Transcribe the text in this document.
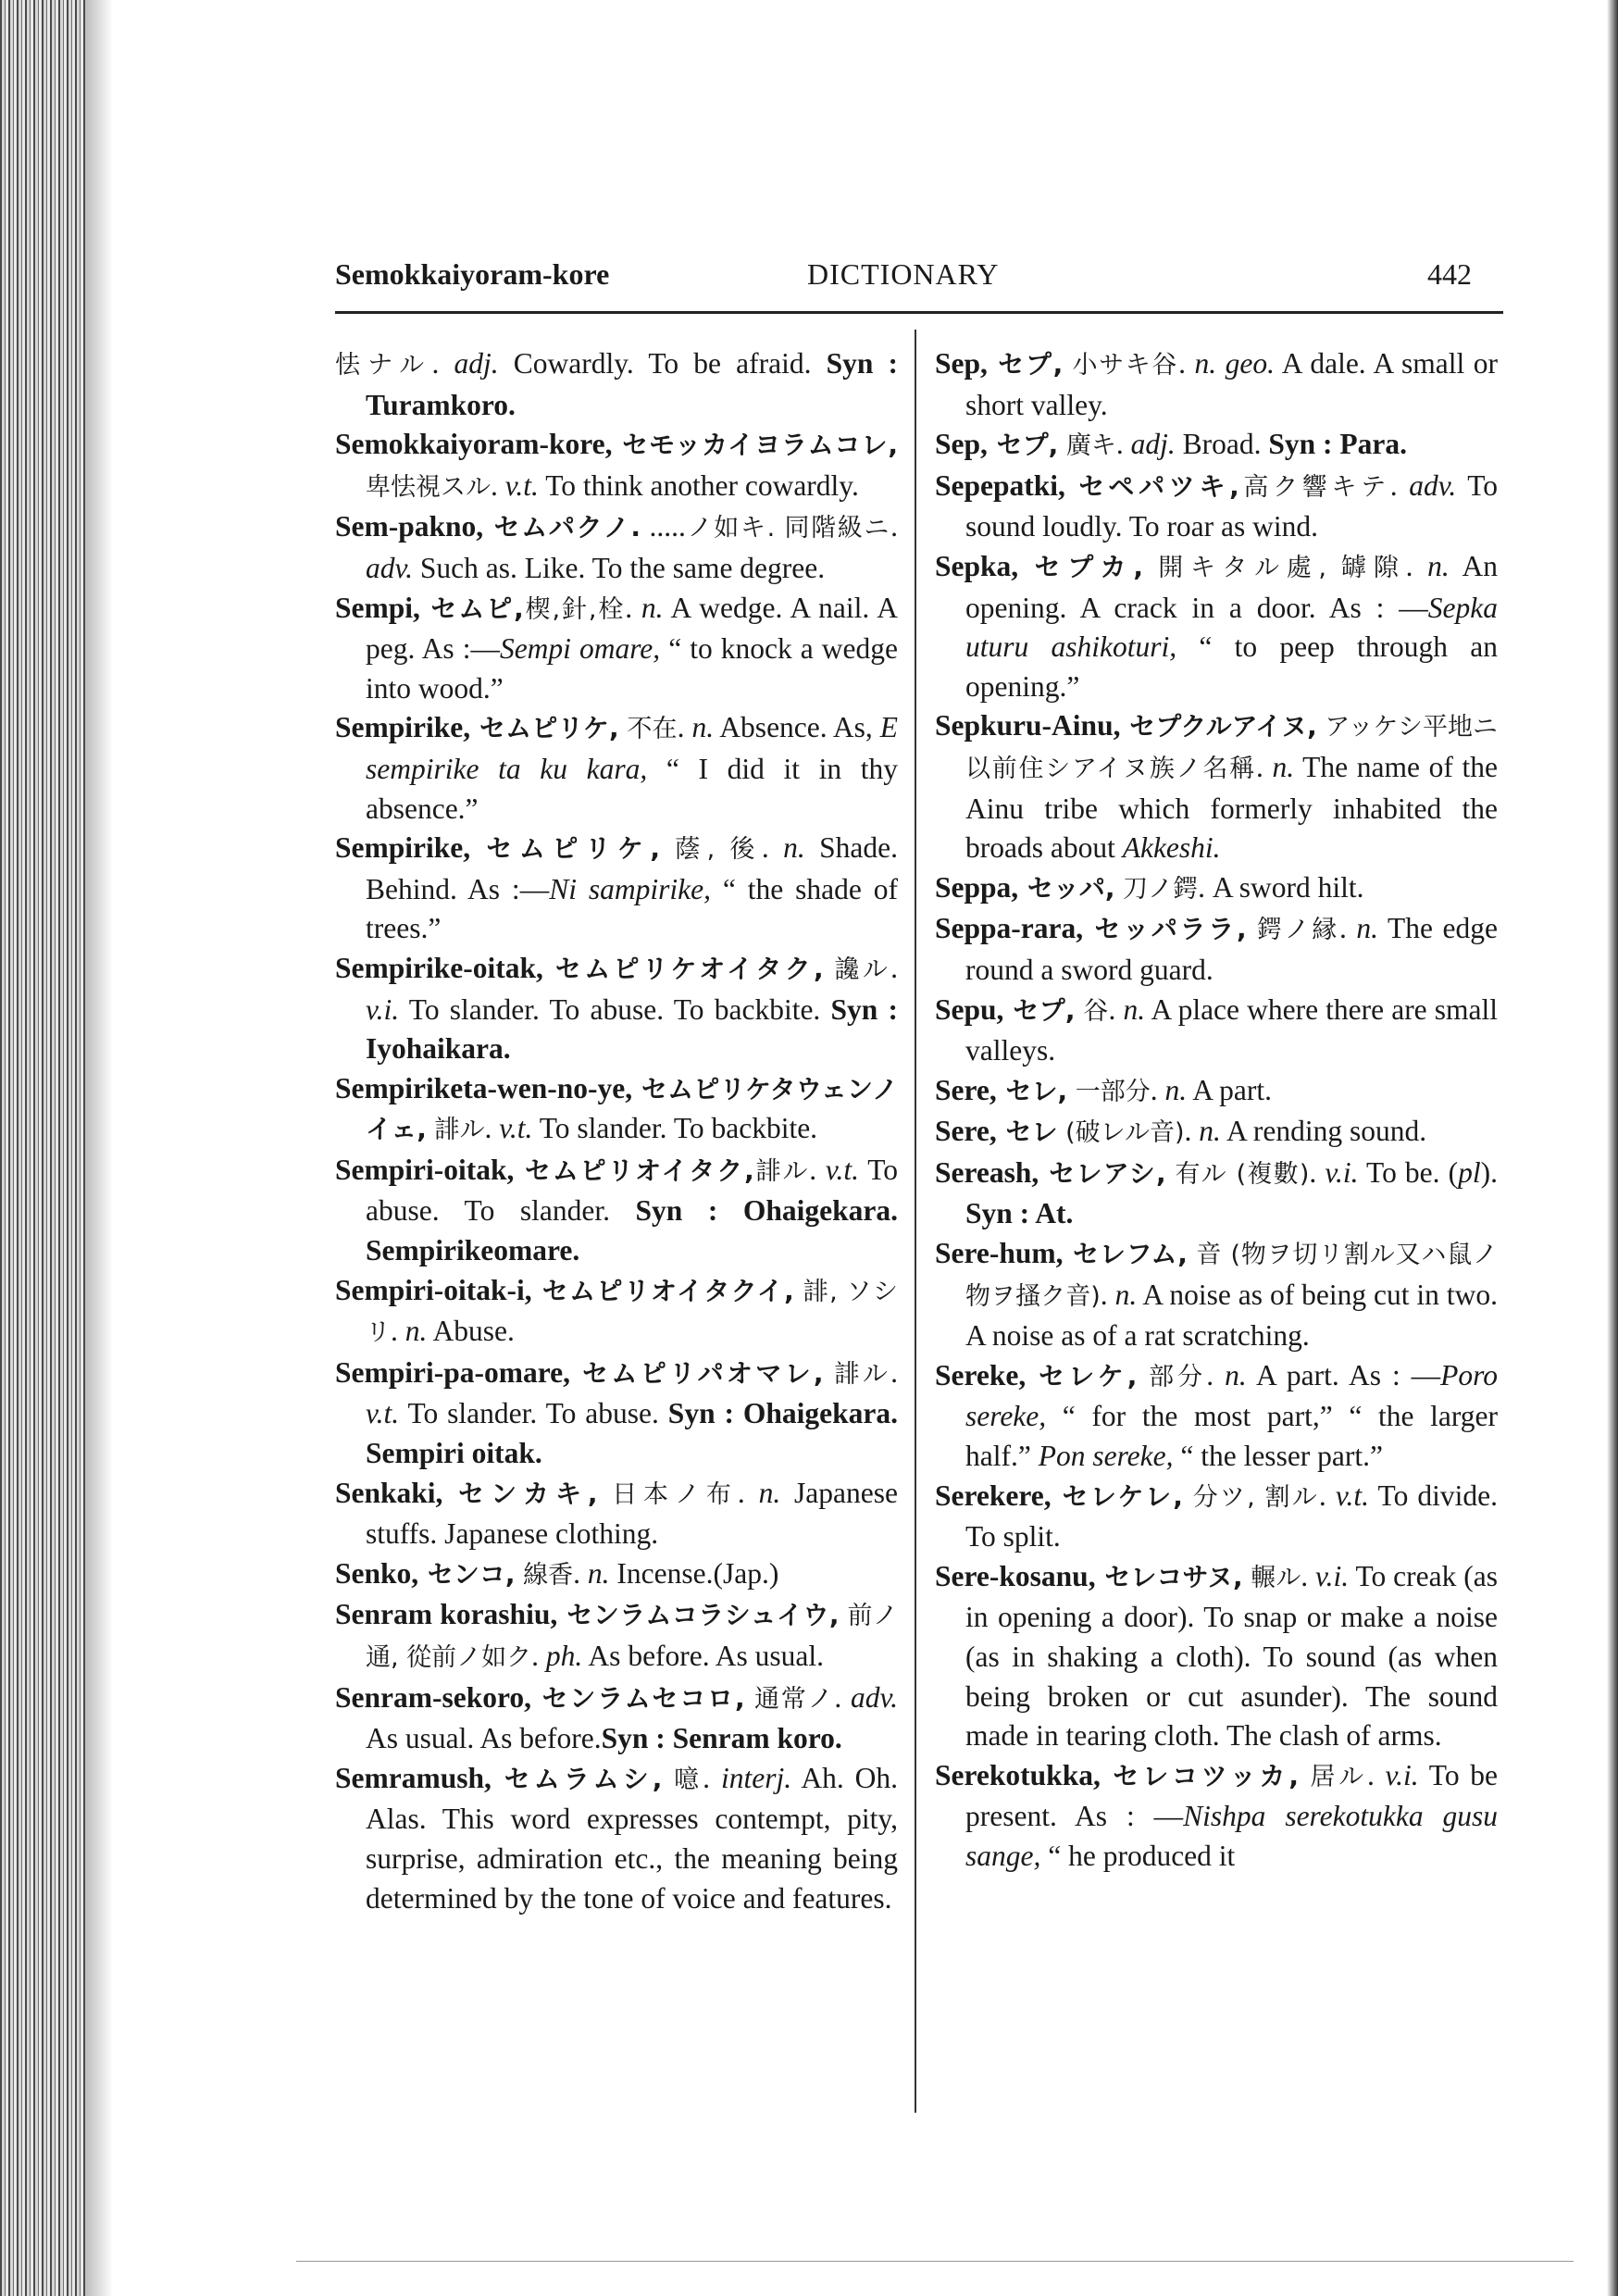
Semokkaiyoram-kore	DICTIONARY	442

怯ナル. adj. Cowardly. To be afraid. Syn : Turamkoro.

Semokkaiyoram-kore, セモッカイヨラムコレ, 卑怯視スル. v.t. To think another cowardly.

Sem-pakno, セムパクノ. .....ノ如キ. 同階級ニ. adv. Such as. Like. To the same degree.

Sempi, セムピ,楔,針,栓. n. A wedge. A nail. A peg. As :—Sempi omare, “ to knock a wedge into wood.”

Sempirike, セムピリケ, 不在. n. Absence. As, E sempirike ta ku kara, “ I did it in thy absence.”

Sempirike, セムピリケ, 蔭, 後. n. Shade. Behind. As :—Ni sampirike, “ the shade of trees.”

Sempirike-oitak, セムピリケオイタク, 讒ル. v.i. To slander. To abuse. To backbite. Syn : Iyohaikara.

Sempiriketa-wen-no-ye, セムピリケタウェンノイェ, 誹ル. v.t. To slander. To backbite.

Sempiri-oitak, セムピリオイタク,誹ル. v.t. To abuse. To slander. Syn : Ohaigekara. Sempirikeomare.

Sempiri-oitak-i, セムピリオイタクイ, 誹, ソシリ. n. Abuse.

Sempiri-pa-omare, セムピリパオマレ, 誹ル. v.t. To slander. To abuse. Syn : Ohaigekara. Sempiri oitak.

Senkaki, センカキ, 日本ノ布. n. Japanese stuffs. Japanese clothing.

Senko, センコ, 線香. n. Incense.(Jap.)

Senram korashiu, センラムコラシュイウ, 前ノ通, 從前ノ如ク. ph. As before. As usual.

Senram-sekoro, センラムセコロ, 通常ノ. adv. As usual. As before.Syn : Senram koro.

Semramush, セムラムシ, 噫. interj. Ah. Oh. Alas. This word expresses contempt, pity, surprise, admiration etc., the meaning being determined by the tone of voice and features.

Sep, セプ, 小サキ谷. n. geo. A dale. A small or short valley.

Sep, セプ, 廣キ. adj. Broad. Syn : Para.

Sepepatki, セペパツキ,高ク響キテ. adv. To sound loudly. To roar as wind.

Sepka, セプカ, 開キタル處, 罅隙. n. An opening. A crack in a door. As : —Sepka uturu ashikoturi, “ to peep through an opening.”

Sepkuru-Ainu, セプクルアイヌ, アッケシ平地ニ以前住シアイヌ族ノ名稱. n. The name of the Ainu tribe which formerly inhabited the broads about Akkeshi.

Seppa, セッパ, 刀ノ鍔. A sword hilt.

Seppa-rara, セッパララ, 鍔ノ縁. n. The edge round a sword guard.

Sepu, セプ, 谷. n. A place where there are small valleys.

Sere, セレ, 一部分. n. A part.

Sere, セレ (破レル音). n. A rending sound.

Sereash, セレアシ, 有ル (複數). v.i. To be. (pl). Syn : At.

Sere-hum, セレフム, 音 (物ヲ切リ割ル又ハ鼠ノ物ヲ搔ク音). n. A noise as of being cut in two. A noise as of a rat scratching.

Sereke, セレケ, 部分. n. A part. As : —Poro sereke, “ for the most part,” “ the larger half.” Pon sereke, “ the lesser part.”

Serekere, セレケレ, 分ツ, 割ル. v.t. To divide. To split.

Sere-kosanu, セレコサヌ, 輾ル. v.i. To creak (as in opening a door). To snap or make a noise (as in shaking a cloth). To sound (as when being broken or cut asunder). The sound made in tearing cloth. The clash of arms.

Serekotukka, セレコツッカ, 居ル. v.i. To be present. As : —Nishpa serekotukka gusu sange, “ he produced it
